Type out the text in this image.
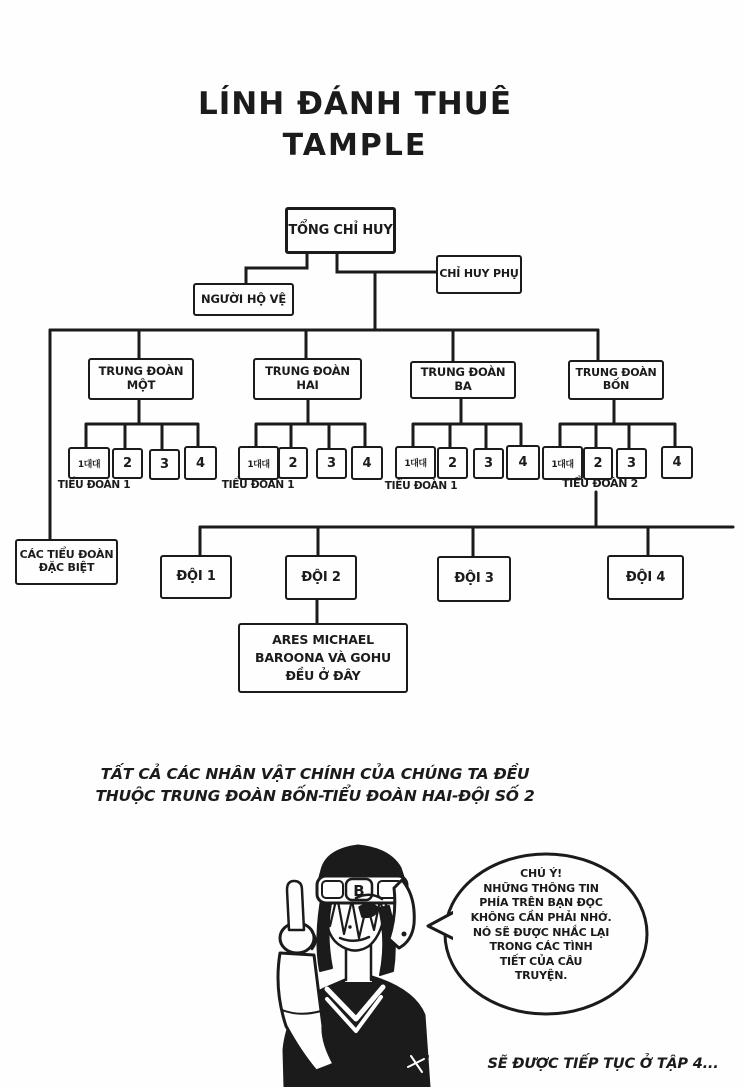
LÍNH ĐÁNH THUÊ
TAMPLE
TỔNG CHỈ HUY
CHỈ HUY PHỤ
NGƯỜI HỘ VỆ
TRUNG ĐOÀN MỘT
TRUNG ĐOÀN HAI
TRUNG ĐOÀN BA
TRUNG ĐOÀN BỐN
1대대 2 3 4	1대대 2 3 4	1대대 2 3 4	1대대 2 3	4
TIỂU ĐOÀN 1	TIỂU ĐOÀN 1	TIỂU ĐOÀN 1	TIỂU ĐOÀN 2
CÁC TIỂU ĐOÀN
ĐẶC BIỆT
ĐỘI 1	ĐỘI 2	ĐỘI 3	ĐỘI 4
ARES MICHAEL
BAROONA VÀ GOHU
ĐỀU Ở ĐÂY
TẤT CẢ CÁC NHÂN VẬT CHÍNH CỦA CHÚNG TA ĐỀU
THUỘC TRUNG ĐOÀN BỐN-TIỂU ĐOÀN HAI-ĐỘI SỐ 2
B
CHÚ Ý!
NHỮNG THÔNG TIN
PHÍA TRÊN BẠN ĐỌC
KHÔNG CẦN PHẢI NHỚ.
NÓ SẼ ĐƯỢC NHẮC LẠI
TRONG CÁC TÌNH
TIẾT CỦA CÂU
TRUYỆN.
SẼ ĐƯỢC TIẾP TỤC Ở TẬP 4...
